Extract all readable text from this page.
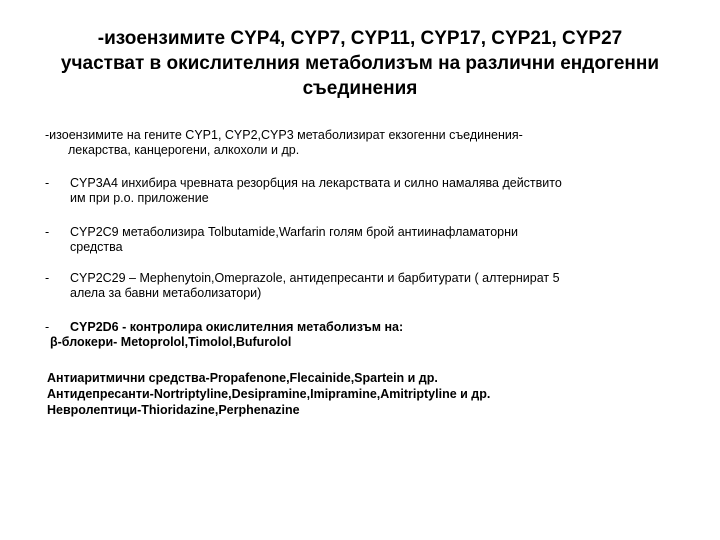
-изоензимите CYP4, CYP7, CYP11, CYP17, CYP21, CYP27
участват в окислителния метаболизъм на различни ендогенни
съединения
-изоензимите на гените CYP1, CYP2,CYP3 метаболизират екзогенни съединения-
лекарства, канцерогени, алкохоли и др.
- CYP3A4 инхибира чревната резорбция на лекарствата и силно намалява действито
им при p.o. приложение
- CYP2C9 метаболизира Tolbutamide,Warfarin голям брой антиинафламаторни
средства
- CYP2C29 – Mephenytoin,Omeprazole, антидепресанти и барбитурати ( алтернират 5
алела за бавни метаболизатори)
- CYP2D6 - контролира окислителния метаболизъм на:
β-блокери- Metoprolol,Timolol,Bufurolol
Антиаритмични средства-Propafenone,Flecainide,Spartein и др.
Антидепресанти-Nortriptyline,Desipramine,Imipramine,Amitriptyline и др.
Невролептици-Thioridazine,Perphenazine
